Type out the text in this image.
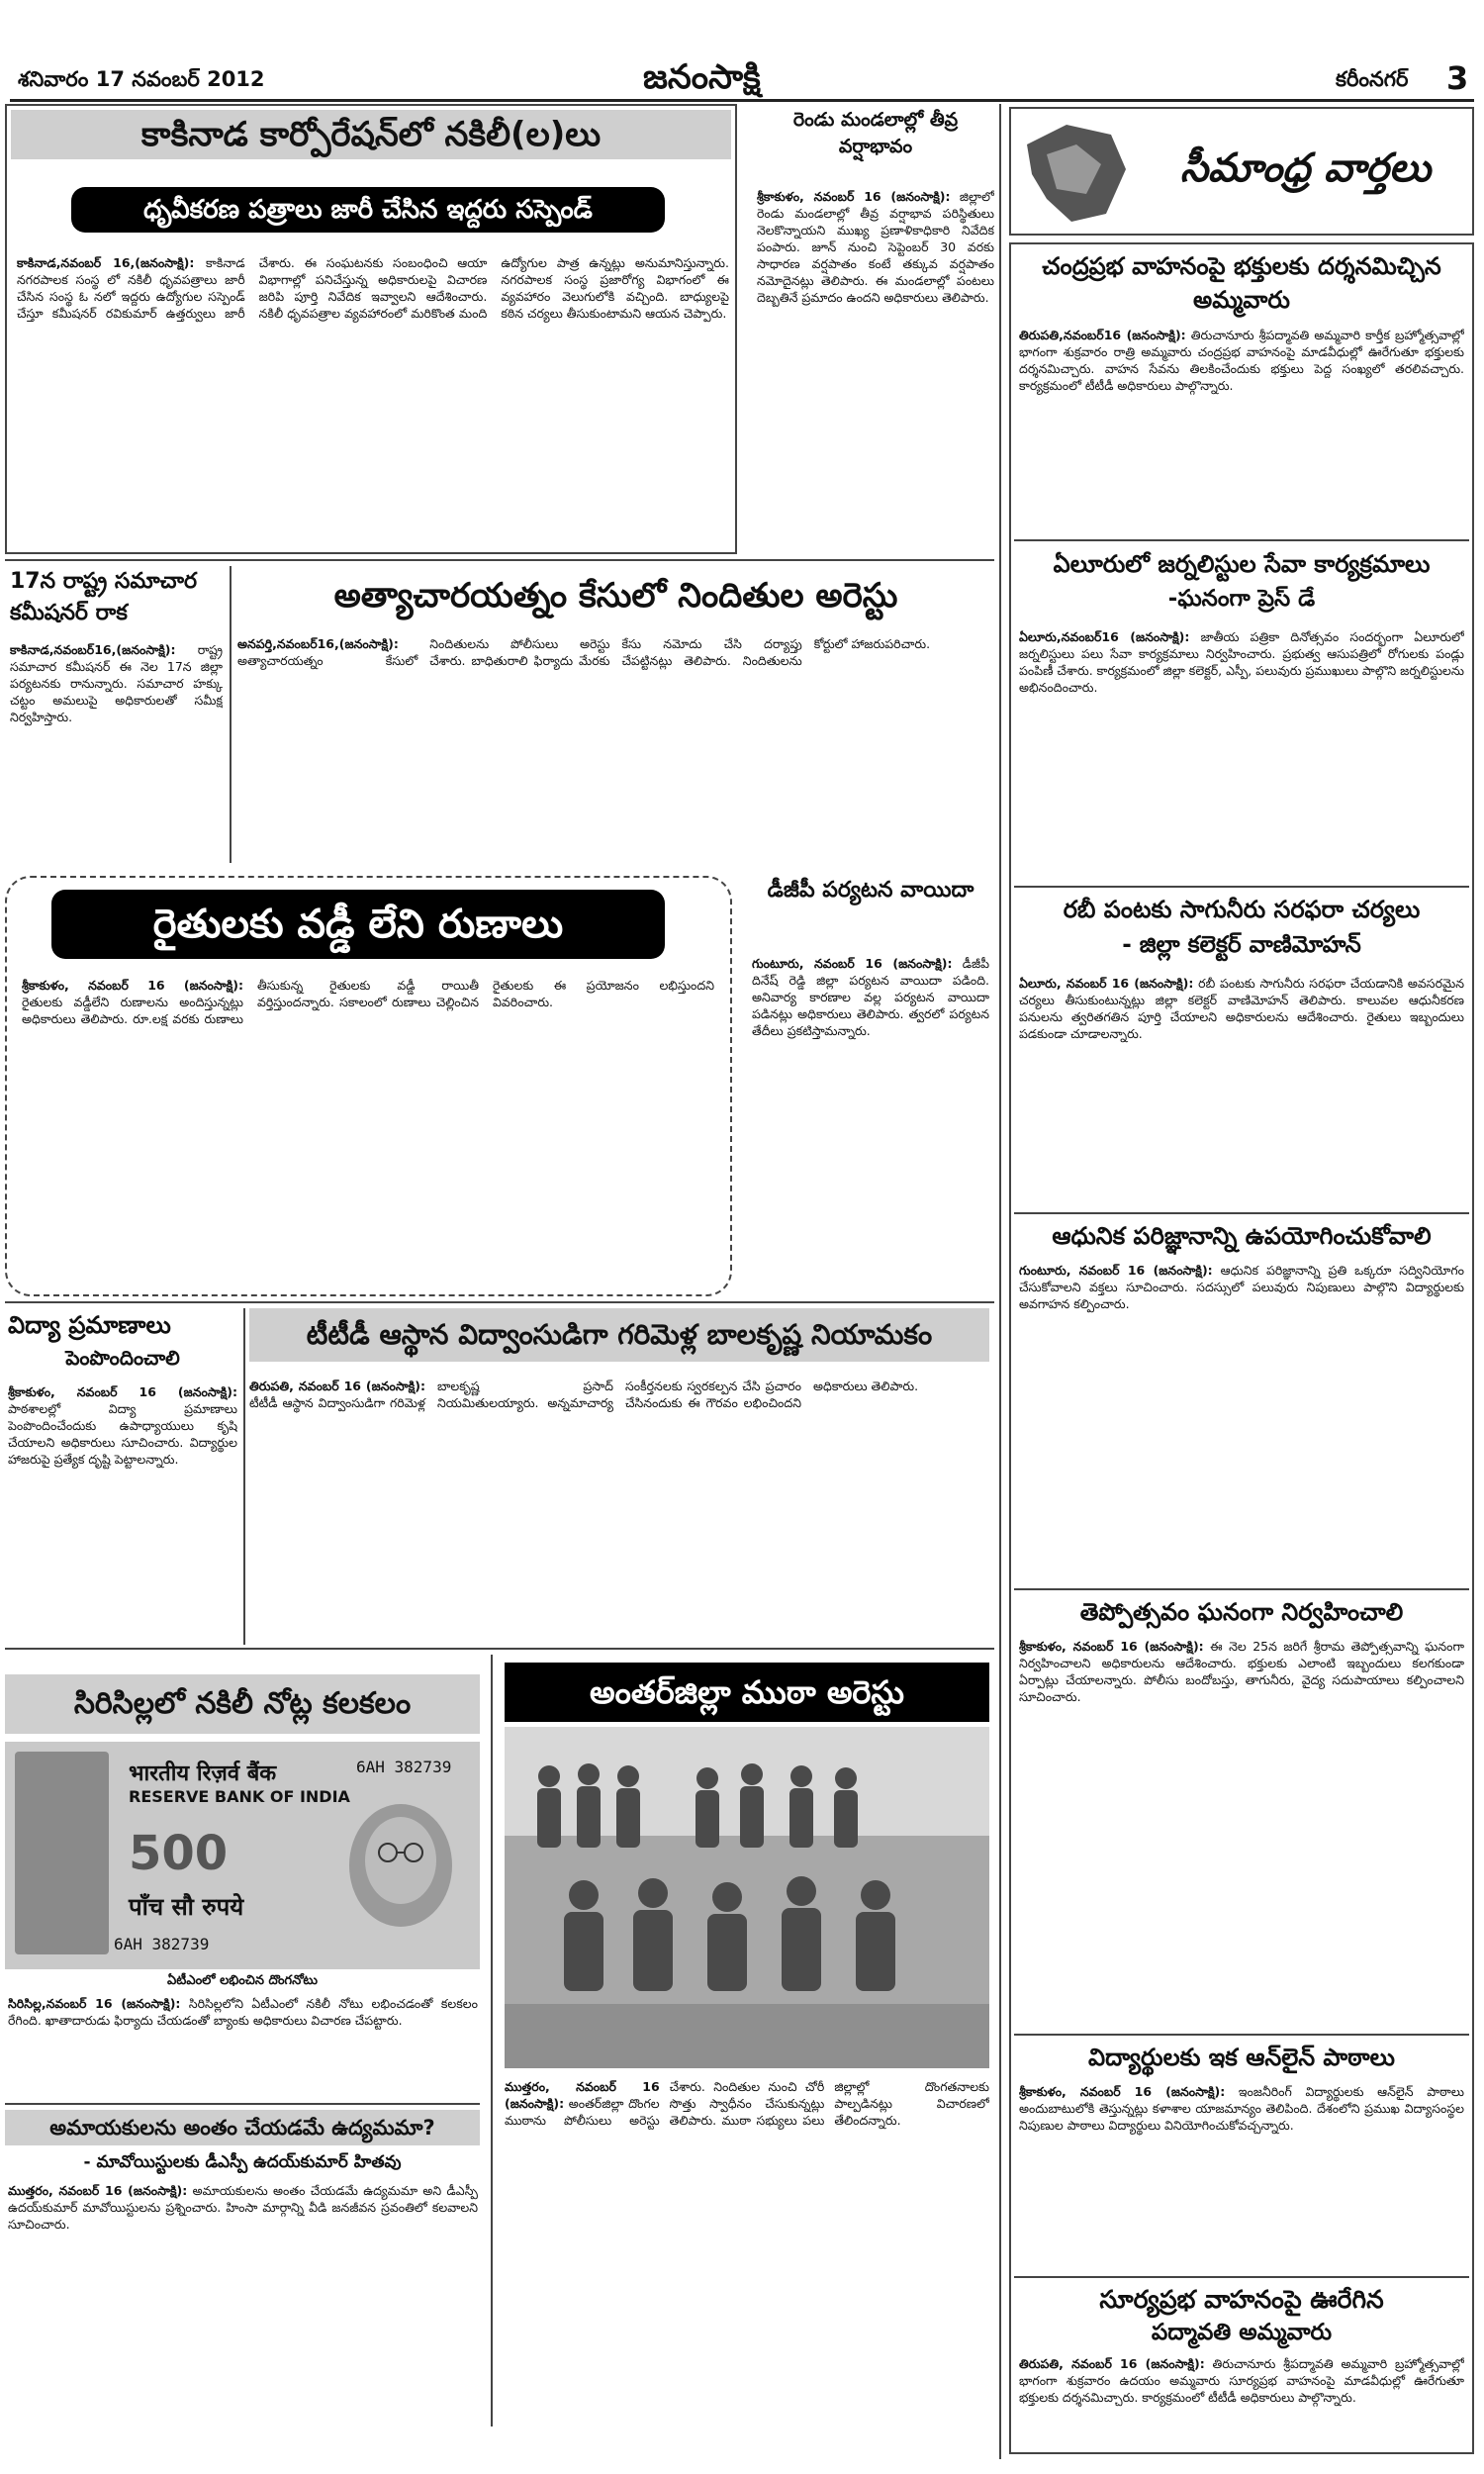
శనివారం 17 నవంబర్ 2012	జనంసాక్షి	కరీంనగర్ 3
కాకినాడ కార్పోరేషన్‌లో నకిలీ(ల)లు
ధృవీకరణ పత్రాలు జారీ చేసిన ఇద్దరు సస్పెండ్
కాకినాడ,నవంబర్ 16,(జనంసాక్షి): కాకినాడ నగరపాలక సంస్థ లో నకిలీ ధృవపత్రాలు జారీ చేసిన సంస్థ ఓ నలో ఇద్దరు ఉద్యోగుల సస్పెండ్ చేస్తూ కమీషనర్ రవికుమార్ ఉత్తర్వులు జారీ చేశారు. ఈ సంఘటనకు సంబంధించి ఆయా విభాగాల్లో పనిచేస్తున్న అధికారులపై విచారణ జరిపి పూర్తి నివేదిక ఇవ్వాలని ఆదేశించారు. నకిలీ ధృవపత్రాల వ్యవహారంలో మరికొంత మంది ఉద్యోగుల పాత్ర ఉన్నట్లు అనుమానిస్తున్నారు. నగరపాలక సంస్థ ప్రజారోగ్య విభాగంలో ఈ వ్యవహారం వెలుగులోకి వచ్చింది. బాధ్యులపై కఠిన చర్యలు తీసుకుంటామని ఆయన చెప్పారు.
రెండు మండలాల్లో తీవ్ర వర్షాభావం
శ్రీకాకుళం, నవంబర్ 16 (జనంసాక్షి): జిల్లాలో రెండు మండలాల్లో తీవ్ర వర్షాభావ పరిస్థితులు నెలకొన్నాయని ముఖ్య ప్రణాళికాధికారి నివేదిక పంపారు. జూన్ నుంచి సెప్టెంబర్ 30 వరకు సాధారణ వర్షపాతం కంటే తక్కువ వర్షపాతం నమోదైనట్లు తెలిపారు. ఈ మండలాల్లో పంటలు దెబ్బతినే ప్రమాదం ఉందని అధికారులు తెలిపారు.
సీమాంధ్ర వార్తలు
చంద్రప్రభ వాహనంపై భక్తులకు దర్శనమిచ్చిన అమ్మవారు
తిరుపతి,నవంబర్16 (జనంసాక్షి): తిరుచానూరు శ్రీపద్మావతి అమ్మవారి కార్తీక బ్రహ్మోత్సవాల్లో భాగంగా శుక్రవారం రాత్రి అమ్మవారు చంద్రప్రభ వాహనంపై మాడవీధుల్లో ఊరేగుతూ భక్తులకు దర్శనమిచ్చారు. వాహన సేవను తిలకించేందుకు భక్తులు పెద్ద సంఖ్యలో తరలివచ్చారు. కార్యక్రమంలో టీటీడీ అధికారులు పాల్గొన్నారు.
ఏలూరులో జర్నలిస్టుల సేవా కార్యక్రమాలు
-ఘనంగా ప్రెస్ డే
ఏలూరు,నవంబర్16 (జనంసాక్షి): జాతీయ పత్రికా దినోత్సవం సందర్భంగా ఏలూరులో జర్నలిస్టులు పలు సేవా కార్యక్రమాలు నిర్వహించారు. ప్రభుత్వ ఆసుపత్రిలో రోగులకు పండ్లు పంపిణీ చేశారు. కార్యక్రమంలో జిల్లా కలెక్టర్, ఎస్పీ, పలువురు ప్రముఖులు పాల్గొని జర్నలిస్టులను అభినందించారు.
రబీ పంటకు సాగునీరు సరఫరా చర్యలు
- జిల్లా కలెక్టర్ వాణిమోహన్
ఏలూరు, నవంబర్ 16 (జనంసాక్షి): రబీ పంటకు సాగునీరు సరఫరా చేయడానికి అవసరమైన చర్యలు తీసుకుంటున్నట్లు జిల్లా కలెక్టర్ వాణిమోహన్ తెలిపారు. కాలువల ఆధునీకరణ పనులను త్వరితగతిన పూర్తి చేయాలని అధికారులను ఆదేశించారు. రైతులు ఇబ్బందులు పడకుండా చూడాలన్నారు.
ఆధునిక పరిజ్ఞానాన్ని ఉపయోగించుకోవాలి
గుంటూరు, నవంబర్ 16 (జనంసాక్షి): ఆధునిక పరిజ్ఞానాన్ని ప్రతి ఒక్కరూ సద్వినియోగం చేసుకోవాలని వక్తలు సూచించారు. సదస్సులో పలువురు నిపుణులు పాల్గొని విద్యార్థులకు అవగాహన కల్పించారు.
తెప్పోత్సవం ఘనంగా నిర్వహించాలి
శ్రీకాకుళం, నవంబర్ 16 (జనంసాక్షి): ఈ నెల 25న జరిగే శ్రీరామ తెప్పోత్సవాన్ని ఘనంగా నిర్వహించాలని అధికారులను ఆదేశించారు. భక్తులకు ఎలాంటి ఇబ్బందులు కలగకుండా ఏర్పాట్లు చేయాలన్నారు. పోలీసు బందోబస్తు, తాగునీరు, వైద్య సదుపాయాలు కల్పించాలని సూచించారు.
విద్యార్థులకు ఇక ఆన్‌లైన్ పాఠాలు
శ్రీకాకుళం, నవంబర్ 16 (జనంసాక్షి): ఇంజనీరింగ్ విద్యార్థులకు ఆన్‌లైన్ పాఠాలు అందుబాటులోకి తెస్తున్నట్లు కళాశాల యాజమాన్యం తెలిపింది. దేశంలోని ప్రముఖ విద్యాసంస్థల నిపుణుల పాఠాలు విద్యార్థులు వినియోగించుకోవచ్చన్నారు.
సూర్యప్రభ వాహనంపై ఊరేగిన
పద్మావతి అమ్మవారు
తిరుపతి, నవంబర్ 16 (జనంసాక్షి): తిరుచానూరు శ్రీపద్మావతి అమ్మవారి బ్రహ్మోత్సవాల్లో భాగంగా శుక్రవారం ఉదయం అమ్మవారు సూర్యప్రభ వాహనంపై మాడవీధుల్లో ఊరేగుతూ భక్తులకు దర్శనమిచ్చారు. కార్యక్రమంలో టీటీడీ అధికారులు పాల్గొన్నారు.
17న రాష్ట్ర సమాచార కమీషనర్ రాక
కాకినాడ,నవంబర్16,(జనంసాక్షి): రాష్ట్ర సమాచార కమీషనర్ ఈ నెల 17న జిల్లా పర్యటనకు రానున్నారు. సమాచార హక్కు చట్టం అమలుపై అధికారులతో సమీక్ష నిర్వహిస్తారు.
అత్యాచారయత్నం కేసులో నిందితుల అరెస్టు
అనపర్తి,నవంబర్16,(జనంసాక్షి): అత్యాచారయత్నం కేసులో నిందితులను పోలీసులు అరెస్టు చేశారు. బాధితురాలి ఫిర్యాదు మేరకు కేసు నమోదు చేసి దర్యాప్తు చేపట్టినట్లు తెలిపారు. నిందితులను కోర్టులో హాజరుపరిచారు.
రైతులకు వడ్డీ లేని రుణాలు
శ్రీకాకుళం, నవంబర్ 16 (జనంసాక్షి): రైతులకు వడ్డీలేని రుణాలను అందిస్తున్నట్లు అధికారులు తెలిపారు. రూ.లక్ష వరకు రుణాలు తీసుకున్న రైతులకు వడ్డీ రాయితీ వర్తిస్తుందన్నారు. సకాలంలో రుణాలు చెల్లించిన రైతులకు ఈ ప్రయోజనం లభిస్తుందని వివరించారు.
డీజీపీ పర్యటన వాయిదా
గుంటూరు, నవంబర్ 16 (జనంసాక్షి): డీజీపీ దినేష్ రెడ్డి జిల్లా పర్యటన వాయిదా పడింది. అనివార్య కారణాల వల్ల పర్యటన వాయిదా పడినట్లు అధికారులు తెలిపారు. త్వరలో పర్యటన తేదీలు ప్రకటిస్తామన్నారు.
విద్యా ప్రమాణాలు
పెంపొందించాలి
శ్రీకాకుళం, నవంబర్ 16 (జనంసాక్షి): పాఠశాలల్లో విద్యా ప్రమాణాలు పెంపొందించేందుకు ఉపాధ్యాయులు కృషి చేయాలని అధికారులు సూచించారు. విద్యార్థుల హాజరుపై ప్రత్యేక దృష్టి పెట్టాలన్నారు.
టీటీడీ ఆస్థాన విద్వాంసుడిగా గరిమెళ్ల బాలకృష్ణ నియామకం
తిరుపతి, నవంబర్ 16 (జనంసాక్షి): టీటీడీ ఆస్థాన విద్వాంసుడిగా గరిమెళ్ల బాలకృష్ణ ప్రసాద్ నియమితులయ్యారు. అన్నమాచార్య సంకీర్తనలకు స్వరకల్పన చేసి ప్రచారం చేసినందుకు ఈ గౌరవం లభించిందని అధికారులు తెలిపారు.
సిరిసిల్లలో నకిలీ నోట్ల కలకలం
भारतीय रिज़र्व बैंक
RESERVE BANK OF INDIA
6AH 382739
500
पाँच सौ रुपये
6AH 382739
ఏటీఎంలో లభించిన దొంగనోటు
సిరిసిల్ల,నవంబర్ 16 (జనంసాక్షి): సిరిసిల్లలోని ఏటీఎంలో నకిలీ నోటు లభించడంతో కలకలం రేగింది. ఖాతాదారుడు ఫిర్యాదు చేయడంతో బ్యాంకు అధికారులు విచారణ చేపట్టారు.
అమాయకులను అంతం చేయడమే ఉద్యమమా?
- మావోయిస్టులకు డీఎస్పీ ఉదయ్‌కుమార్ హితవు
ముత్తరం, నవంబర్ 16 (జనంసాక్షి): అమాయకులను అంతం చేయడమే ఉద్యమమా అని డీఎస్పీ ఉదయ్‌కుమార్ మావోయిస్టులను ప్రశ్నించారు. హింసా మార్గాన్ని వీడి జనజీవన స్రవంతిలో కలవాలని సూచించారు.
అంతర్‌జిల్లా ముఠా అరెస్టు
ముత్తరం, నవంబర్ 16 (జనంసాక్షి): అంతర్‌జిల్లా దొంగల ముఠాను పోలీసులు అరెస్టు చేశారు. నిందితుల నుంచి చోరీ సొత్తు స్వాధీనం చేసుకున్నట్లు తెలిపారు. ముఠా సభ్యులు పలు జిల్లాల్లో దొంగతనాలకు పాల్పడినట్లు విచారణలో తేలిందన్నారు.
